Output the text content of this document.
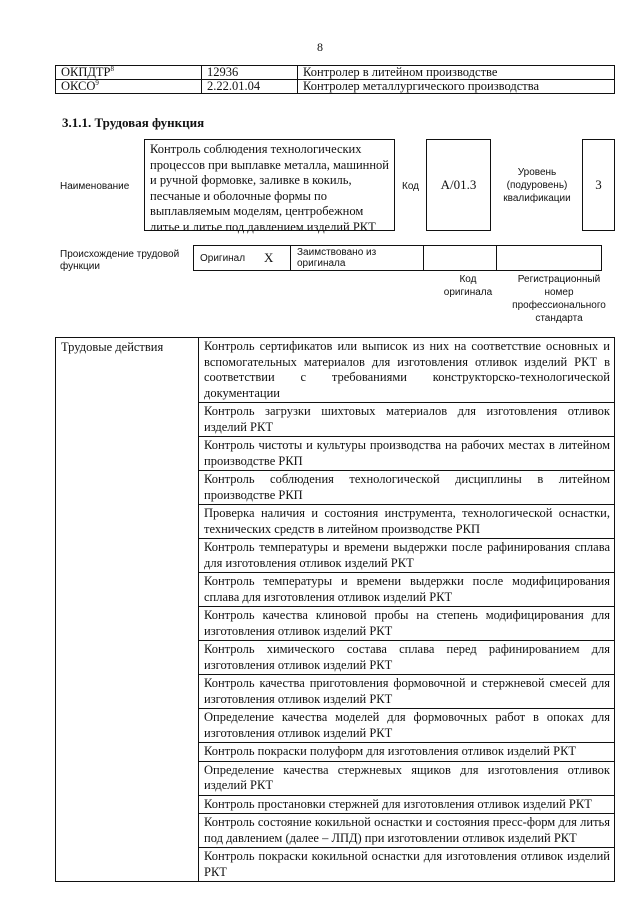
8
ОКПДТР$^8$	12936	Контролер в литейном производстве
ОКСО$^9$	2.22.01.04	Контролер металлургического производства
3.1.1. Трудовая функция
Наименование
Контроль соблюдения технологических процессов при выплавке металла, машинной и ручной формовке, заливке в кокиль, песчаные и оболочные формы по выплавляемым моделям, центробежном литье и литье под давлением изделий РКТ
Код A/01.3
Уровень (подуровень) квалификации
3
Происхождение трудовой функции
Оригинал	X	Заимствовано из оригинала		
Код оригинала
Регистрационный номер профессионального стандарта
Трудовые действия	Контроль сертификатов или выписок из них на соответствие основных и вспомогательных материалов для изготовления отливок изделий РКТ в соответствии с требованиями конструкторско-технологической документации
Контроль загрузки шихтовых материалов для изготовления отливок изделий РКТ
Контроль чистоты и культуры производства на рабочих местах в литейном производстве РКП
Контроль соблюдения технологической дисциплины в литейном производстве РКП
Проверка наличия и состояния инструмента, технологической оснастки, технических средств в литейном производстве РКП
Контроль температуры и времени выдержки после рафинирования сплава для изготовления отливок изделий РКТ
Контроль температуры и времени выдержки после модифицирования сплава для изготовления отливок изделий РКТ
Контроль качества клиновой пробы на степень модифицирования для изготовления отливок изделий РКТ
Контроль химического состава сплава перед рафинированием для изготовления отливок изделий РКТ
Контроль качества приготовления формовочной и стержневой смесей для изготовления отливок изделий РКТ
Определение качества моделей для формовочных работ в опоках для изготовления отливок изделий РКТ
Контроль покраски полуформ для изготовления отливок изделий РКТ
Определение качества стержневых ящиков для изготовления отливок изделий РКТ
Контроль простановки стержней для изготовления отливок изделий РКТ
Контроль состояние кокильной оснастки и состояния пресс-форм для литья под давлением (далее – ЛПД) при изготовлении отливок изделий РКТ
Контроль покраски кокильной оснастки для изготовления отливок изделий РКТ
